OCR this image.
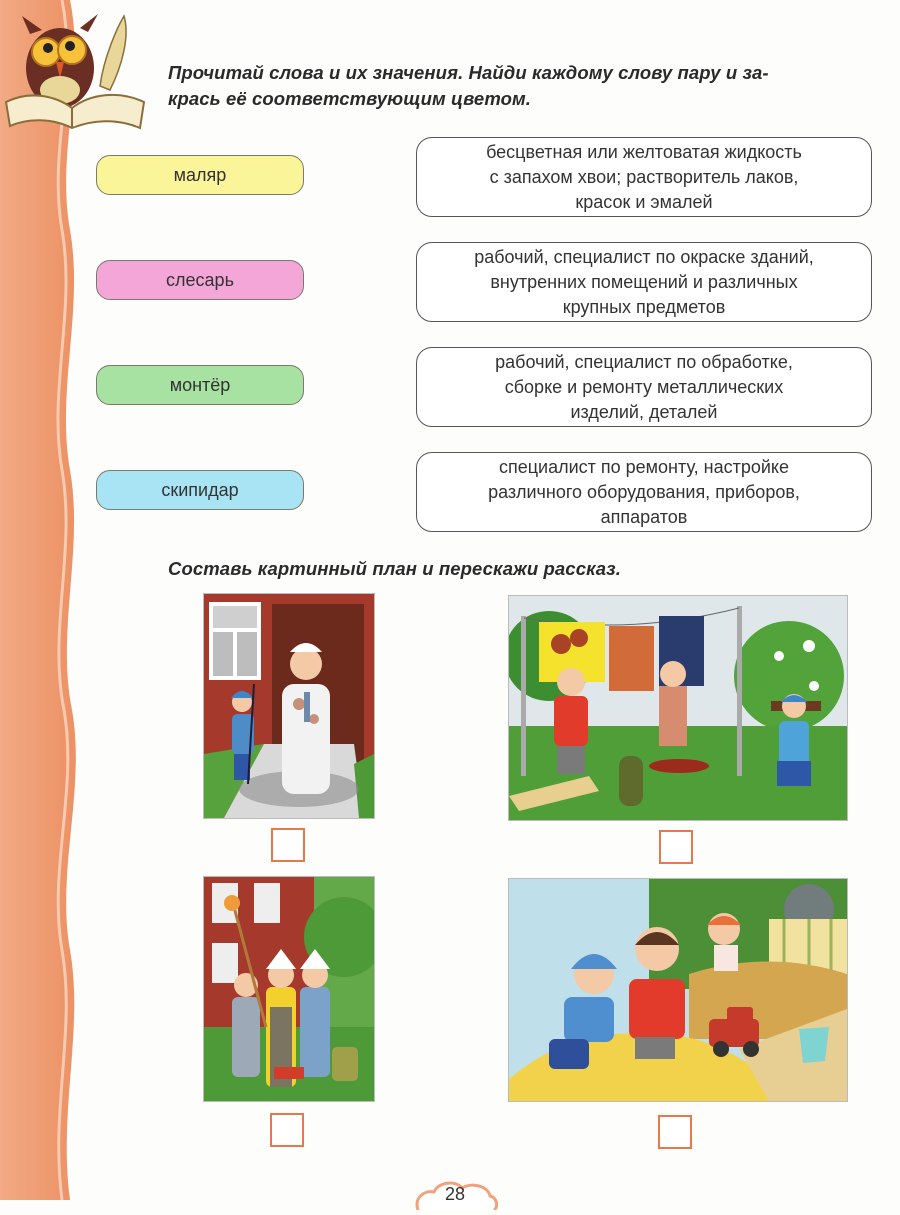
Прочитай слова и их значения. Найди каждому слову пару и за-
крась её соответствующим цветом.

маляр
слесарь
монтёр
скипидар
бесцветная или желтоватая жидкость
с запахом хвои; растворитель лаков,
красок и эмалей
рабочий, специалист по окраске зданий,
внутренних помещений и различных
крупных предметов
рабочий, специалист по обработке,
сборке и ремонту металлических
изделий, деталей
специалист по ремонту, настройке
различного оборудования, приборов,
аппаратов

Составь картинный план и перескажи рассказ.

28
